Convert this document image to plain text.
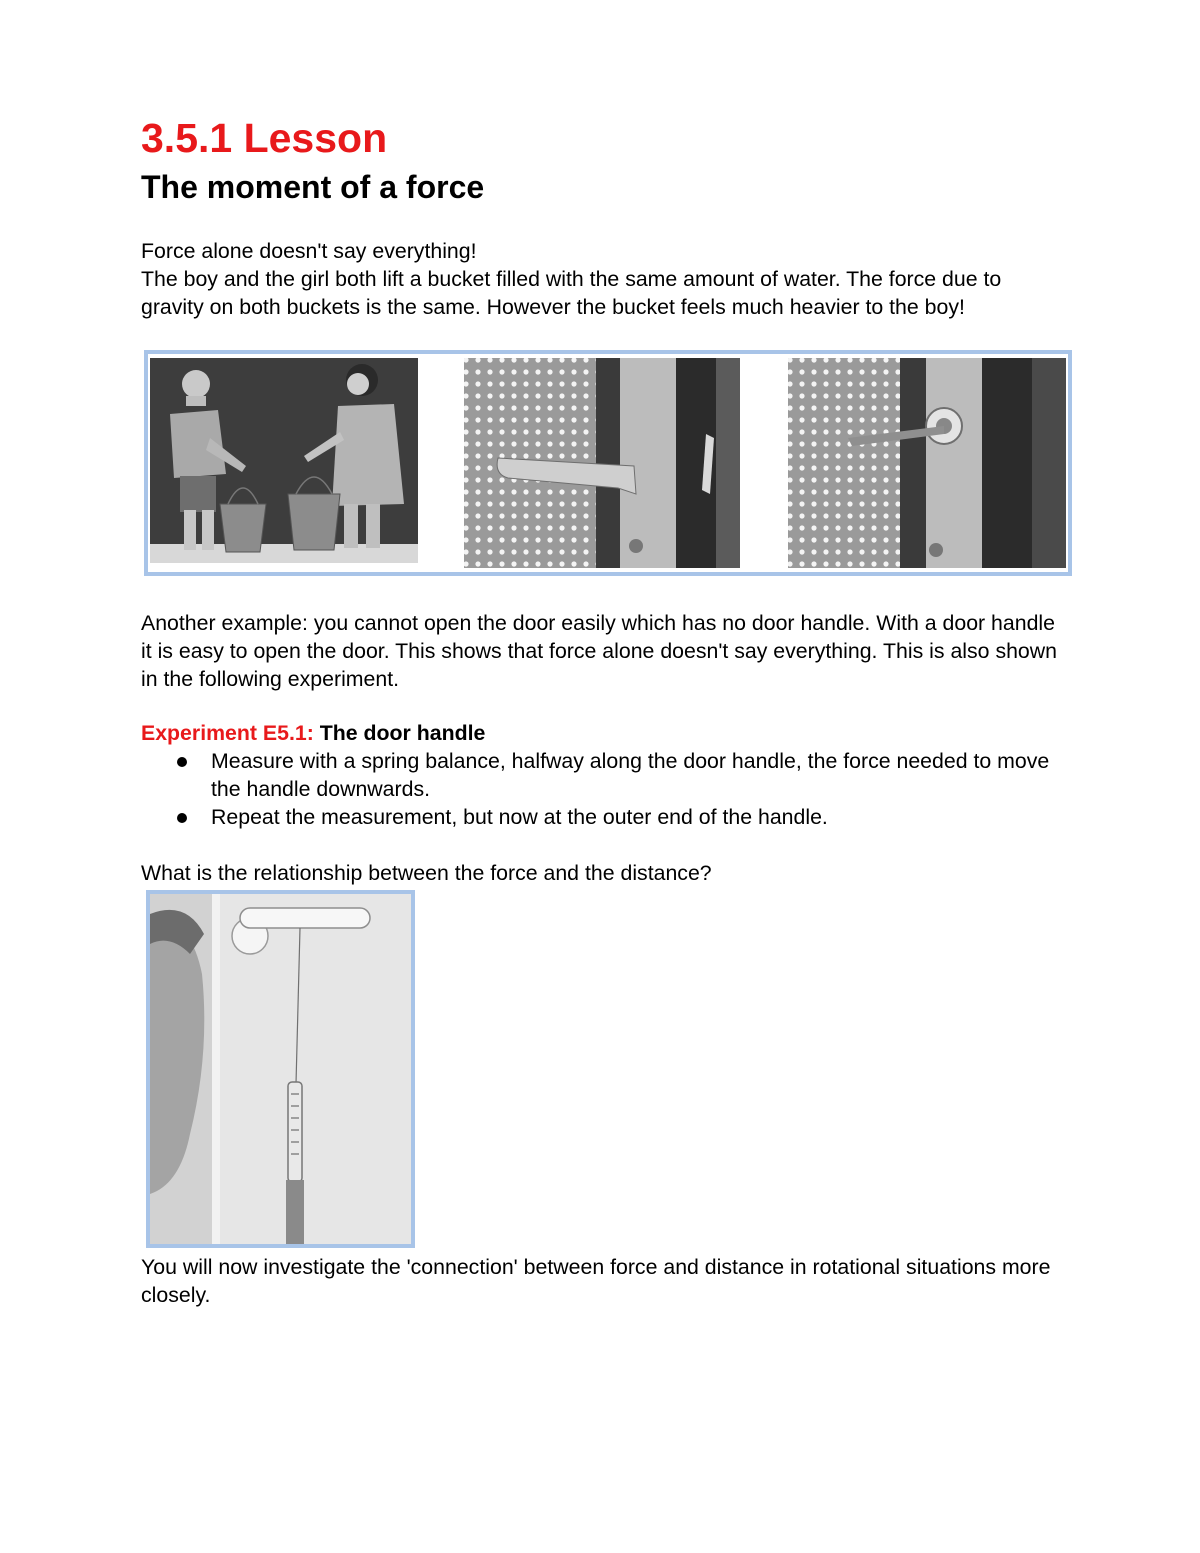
3.5.1 Lesson
The moment of a force
Force alone doesn't say everything!
The boy and the girl both lift a bucket filled with the same amount of water. The force due to gravity on both buckets is the same. However the bucket feels much heavier to the boy!
Another example: you cannot open the door easily which has no door handle. With a door handle it is easy to open the door. This shows that force alone doesn't say everything. This is also shown in the following experiment.
Experiment E5.1: The door handle
Measure with a spring balance, halfway along the door handle, the force needed to move the handle downwards.
Repeat the measurement, but now at the outer end of the handle.
What is the relationship between the force and the distance?
You will now investigate the 'connection' between force and distance in rotational situations more closely.
